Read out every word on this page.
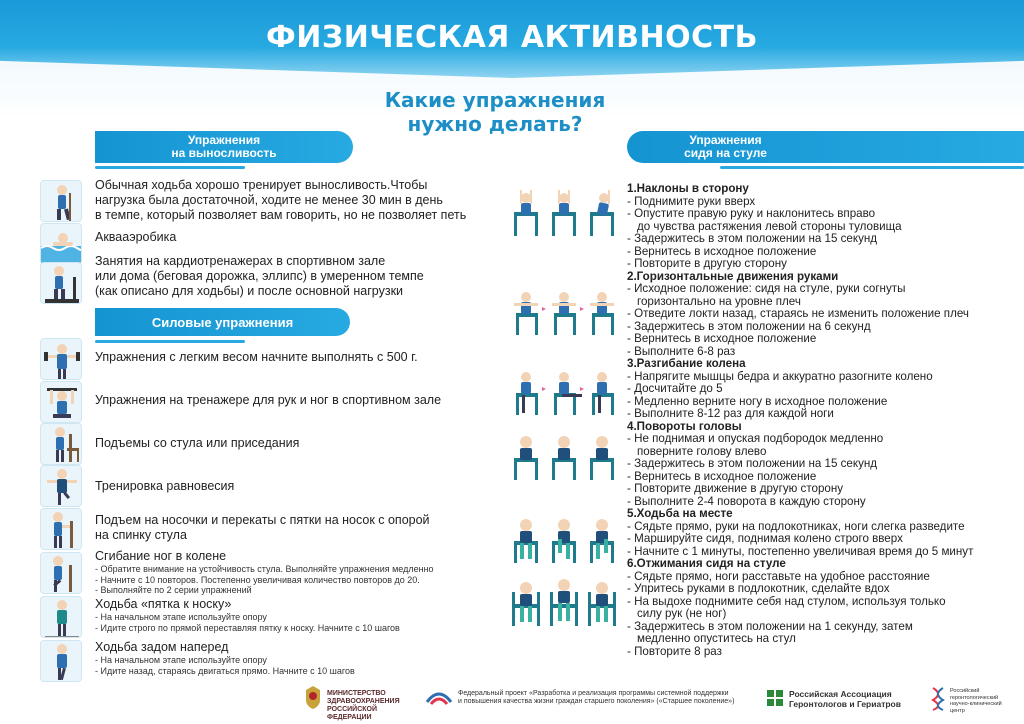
ФИЗИЧЕСКАЯ АКТИВНОСТЬ
Какие упражнения
нужно делать?
Упражнения
на выносливость
Обычная ходьба хорошо тренирует выносливость.Чтобы
нагрузка была достаточной, ходите не менее 30 мин в день
в темпе, который позволяет вам говорить, но не позволяет петь
Аквааэробика
Занятия на кардиотренажерах в спортивном зале
или дома (беговая дорожка, эллипс) в умеренном темпе
(как описано для ходьбы) и после основной нагрузки
Силовые упражнения
Упражнения с легким весом начните выполнять с 500 г.
Упражнения на тренажере для рук и ног в спортивном зале
Подъемы со стула или приседания
Тренировка равновесия
Подъем на носочки и перекаты с пятки на носок с опорой
на спинку стула
Сгибание ног в колене
- Обратите внимание на устойчивость стула. Выполняйте упражнения медленно
- Начните с 10 повторов. Постепенно увеличивая количество повторов до 20.
- Выполняйте по 2 серии упражнений
Ходьба «пятка к носку»
- На начальном этапе используйте опору
- Идите строго по прямой переставляя пятку к носку. Начните с 10 шагов
Ходьба задом наперед
- На начальном этапе используйте опору
- Идите назад, стараясь двигаться прямо. Начните с 10 шагов
Упражнения
сидя на стуле
1.Наклоны в сторону
- Поднимите руки вверх
- Опустите правую руку и наклонитесь вправо
до чувства растяжения левой стороны туловища
- Задержитесь в этом положении на 15 секунд
- Вернитесь в исходное положение
- Повторите в другую сторону
2.Горизонтальные движения руками
- Исходное положение: сидя на стуле, руки согнуты
горизонтально на уровне плеч
- Отведите локти назад, стараясь не изменить положение плеч
- Задержитесь в этом положении на 6 секунд
- Вернитесь в исходное положение
- Выполните 6-8 раз
3.Разгибание колена
- Напрягите мышцы бедра и аккуратно разогните колено
- Досчитайте до 5
- Медленно верните ногу в исходное положение
- Выполните 8-12 раз для каждой ноги
4.Повороты головы
- Не поднимая и опуская подбородок медленно
поверните голову влево
- Задержитесь в этом положении на 15 секунд
- Вернитесь в исходное положение
- Повторите движение в другую сторону
- Выполните 2-4 поворота в каждую сторону
5.Ходьба на месте
- Сядьте прямо, руки на подлокотниках, ноги слегка разведите
- Маршируйте сидя, поднимая колено строго вверх
- Начните с 1 минуты, постепенно увеличивая время до 5 минут
6.Отжимания сидя на стуле
- Сядьте прямо, ноги расставьте на удобное расстояние
- Упритесь руками в подлокотник, сделайте вдох
- На выдохе поднимите себя над стулом, используя только
силу рук (не ног)
- Задержитесь в этом положении на 1 секунду, затем
медленно опуститесь на стул
- Повторите 8 раз
МИНИСТЕРСТВО
ЗДРАВООХРАНЕНИЯ
РОССИЙСКОЙ ФЕДЕРАЦИИ
Федеральный проект «Разработка и реализация программы системной поддержки
и повышения качества жизни граждан старшего поколения» («Старшее поколение»)
Российская Ассоциация
Геронтологов и Гериатров
Российский
геронтологический
научно-клинический
центр
